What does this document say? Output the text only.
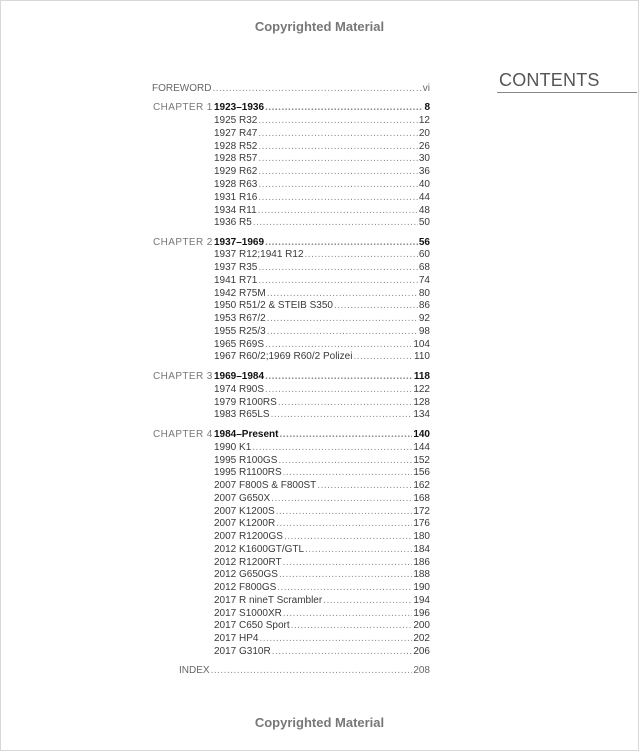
Copyrighted Material
CONTENTS
FOREWORD .....	vi
CHAPTER 1 1923–1936 .....	8
1925 R32 .....	12
1927 R47 .....	20
1928 R52 .....	26
1928 R57 .....	30
1929 R62 .....	36
1928 R63 .....	40
1931 R16 .....	44
1934 R11 .....	48
1936 R5 .....	50
CHAPTER 2 1937–1969 .....	56
1937 R12;1941 R12 .....	60
1937 R35 .....	68
1941 R71 .....	74
1942 R75M .....	80
1950 R51/2 & STEIB S350 .....	86
1953 R67/2 .....	92
1955 R25/3 .....	98
1965 R69S .....	104
1967 R60/2;1969 R60/2 Polizei .....	110
CHAPTER 3 1969–1984 .....	118
1974 R90S .....	122
1979 R100RS .....	128
1983 R65LS .....	134
CHAPTER 4 1984–Present .....	140
1990 K1 .....	144
1995 R100GS .....	152
1995 R1100RS .....	156
2007 F800S & F800ST .....	162
2007 G650X .....	168
2007 K1200S .....	172
2007 K1200R .....	176
2007 R1200GS .....	180
2012 K1600GT/GTL .....	184
2012 R1200RT .....	186
2012 G650GS .....	188
2012 F800GS .....	190
2017 R nineT Scrambler .....	194
2017 S1000XR .....	196
2017 C650 Sport .....	200
2017 HP4 .....	202
2017 G310R .....	206
INDEX .....	208
Copyrighted Material
